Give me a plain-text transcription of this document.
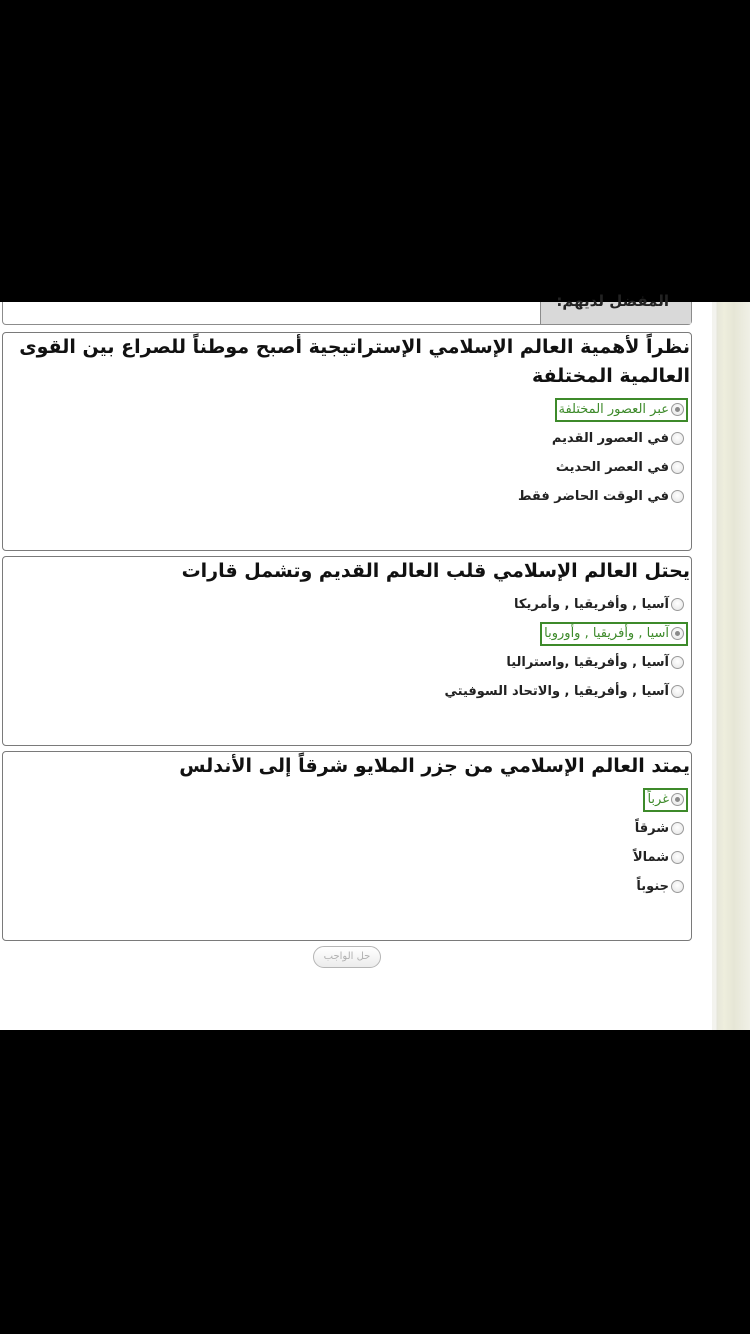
المفضل لديهم:

نظراً لأهمية العالم الإسلامي الإستراتيجية أصبح موطناً للصراع بين القوى العالمية المختلفة

عبر العصور المختلفة
في العصور القديم
في العصر الحديث
في الوقت الحاضر فقط

يحتل العالم الإسلامي قلب العالم القديم وتشمل قارات

آسيا , وأفريقيا , وأمريكا
آسيا , وأفريقيا , وأوروبا
آسيا , وأفريقيا ,واستراليا
آسيا , وأفريقيا , والاتحاد السوفيتي

يمتد العالم الإسلامي من جزر الملايو شرقاً إلى الأندلس

غرباً
شرقاً
شمالاً
جنوباً
حل الواجب
